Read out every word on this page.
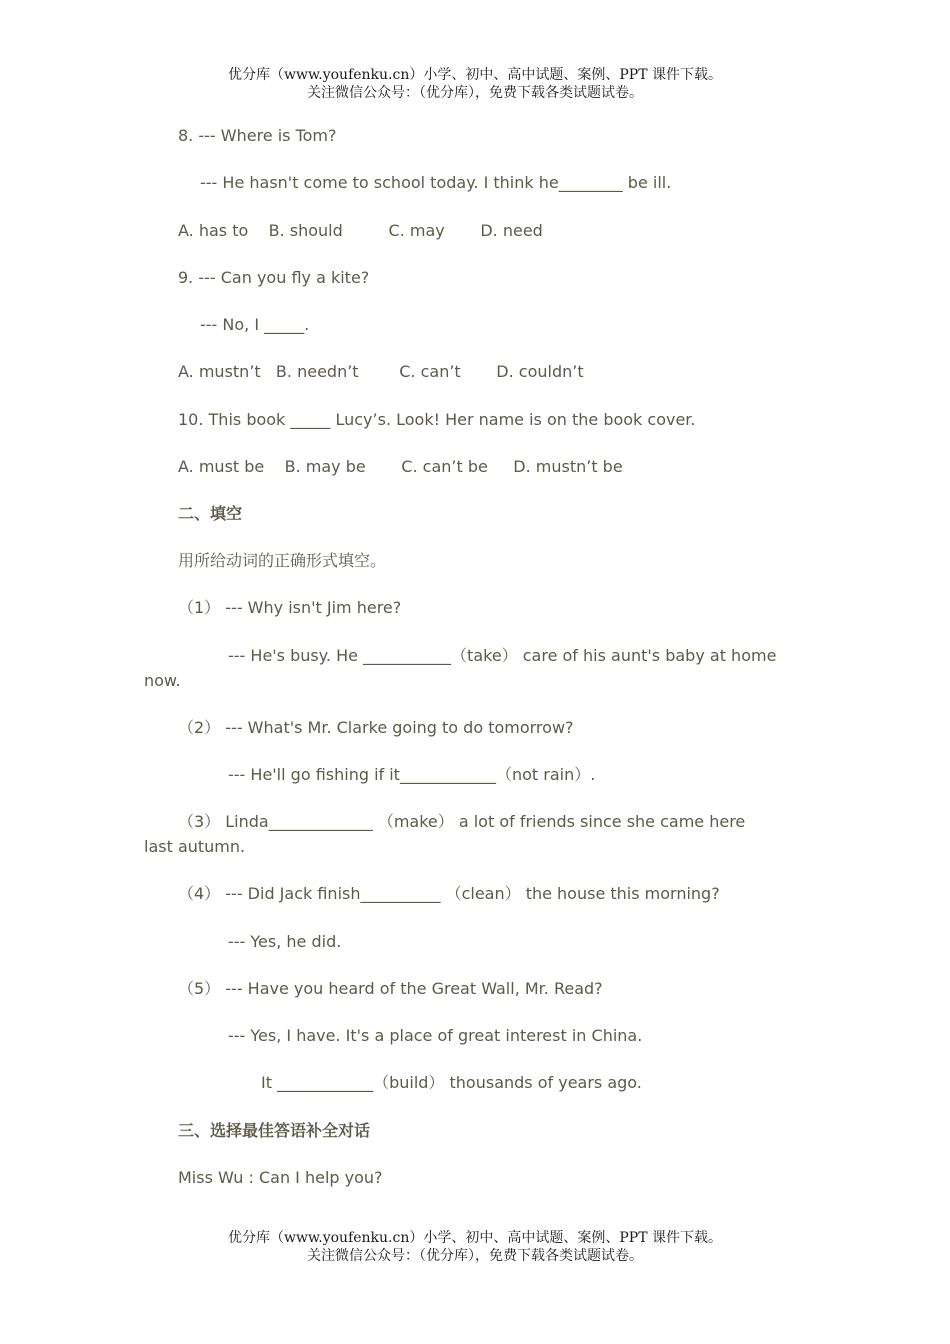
优分库（www.youfenku.cn）小学、初中、高中试题、案例、PPT 课件下载。
关注微信公众号：（优分库），免费下载各类试题试卷。
8. --- Where is Tom?
--- He hasn't come to school today. I think he________ be ill.
A. has to    B. should         C. may       D. need
9. --- Can you fly a kite?
--- No, I _____.
A. mustn’t   B. needn’t        C. can’t       D. couldn’t
10. This book _____ Lucy’s. Look! Her name is on the book cover.
A. must be    B. may be       C. can’t be     D. mustn’t be
二、填空
用所给动词的正确形式填空。
（1） --- Why isn't Jim here?
--- He's busy. He ___________（take） care of his aunt's baby at home
now.
（2） --- What's Mr. Clarke going to do tomorrow?
--- He'll go fishing if it____________（not rain）.
（3） Linda_____________ （make） a lot of friends since she came here
last autumn.
（4） --- Did Jack finish__________ （clean） the house this morning?
--- Yes, he did.
（5） --- Have you heard of the Great Wall, Mr. Read?
--- Yes, I have. It's a place of great interest in China.
It ____________（build） thousands of years ago.
三、选择最佳答语补全对话
Miss Wu : Can I help you?
优分库（www.youfenku.cn）小学、初中、高中试题、案例、PPT 课件下载。
关注微信公众号：（优分库），免费下载各类试题试卷。
